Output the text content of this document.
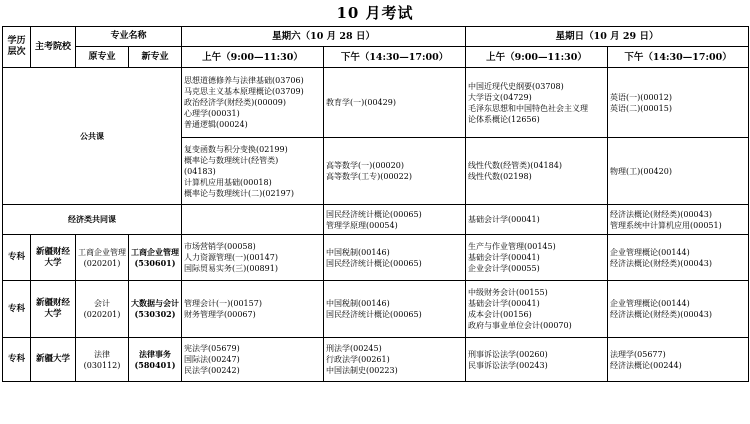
10 月考试
学历层次	主考院校	专业名称		星期六（10 月 28 日）		星期日（10 月 29 日）	
		原专业	新专业	上午（9:00—11:30）	下午（14:30—17:00）	上午（9:00—11:30）	下午（14:30—17:00）

公共课				思想道德修养与法律基础(03706)
马克思主义基本原理概论(03709)
政治经济学(财经类)(00009)
心理学(00031)
普通逻辑(00024)	教育学(一)(00429)	中国近现代史纲要(03708)
大学语文(04729)
毛泽东思想和中国特色社会主义理
论体系概论(12656)	英语(一)(00012)
英语(二)(00015)

				复变函数与积分变换(02199)
概率论与数理统计(经管类)
(04183)
计算机应用基础(00018)
概率论与数理统计(二)(02197)	高等数学(一)(00020)
高等数学(工专)(00022)	线性代数(经管类)(04184)
线性代数(02198)	物理(工)(00420)

经济类共同课					国民经济统计概论(00065)
管理学原理(00054)	基础会计学(00041)	经济法概论(财经类)(00043)
管理系统中计算机应用(00051)

专科	新疆财经大学	工商企业管理
(020201)	工商企业管理
(530601)	市场营销学(00058)
人力资源管理(一)(00147)
国际贸易实务(三)(00891)	中国税制(00146)
国民经济统计概论(00065)	生产与作业管理(00145)
基础会计学(00041)
企业会计学(00055)	企业管理概论(00144)
经济法概论(财经类)(00043)

专科	新疆财经大学	会计
(020201)	大数据与会计
(530302)	管理会计(一)(00157)
财务管理学(00067)	中国税制(00146)
国民经济统计概论(00065)	中级财务会计(00155)
基础会计学(00041)
成本会计(00156)
政府与事业单位会计(00070)	企业管理概论(00144)
经济法概论(财经类)(00043)

专科	新疆大学	法律
(030112)	法律事务
(580401)	宪法学(05679)
国际法(00247)
民法学(00242)	刑法学(00245)
行政法学(00261)
中国法制史(00223)	刑事诉讼法学(00260)
民事诉讼法学(00243)	法理学(05677)
经济法概论(00244)
